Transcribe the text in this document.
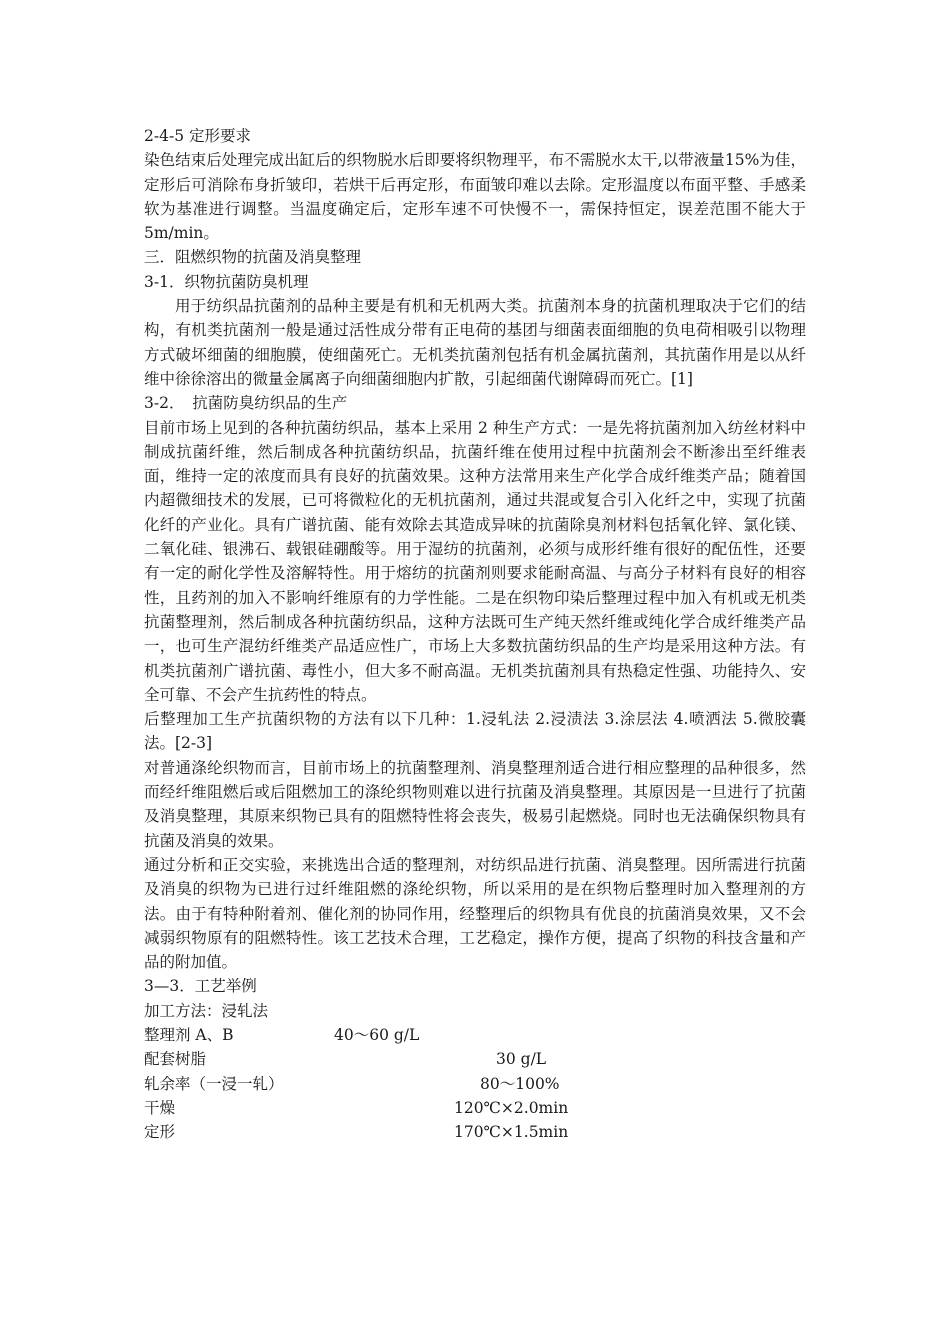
2-4-5 定形要求

染色结束后处理完成出缸后的织物脱水后即要将织物理平，布不需脱水太干,以带液量15%为佳，定形后可消除布身折皱印，若烘干后再定形，布面皱印难以去除。定形温度以布面平整、手感柔软为基准进行调整。当温度确定后，定形车速不可快慢不一，需保持恒定，误差范围不能大于 5m/min。

三．阻燃织物的抗菌及消臭整理

3-1．织物抗菌防臭机理

用于纺织品抗菌剂的品种主要是有机和无机两大类。抗菌剂本身的抗菌机理取决于它们的结构，有机类抗菌剂一般是通过活性成分带有正电荷的基团与细菌表面细胞的负电荷相吸引以物理方式破坏细菌的细胞膜，使细菌死亡。无机类抗菌剂包括有机金属抗菌剂，其抗菌作用是以从纤维中徐徐溶出的微量金属离子向细菌细胞内扩散，引起细菌代谢障碍而死亡。[1]

3-2．　抗菌防臭纺织品的生产

目前市场上见到的各种抗菌纺织品，基本上采用 2 种生产方式：一是先将抗菌剂加入纺丝材料中制成抗菌纤维，然后制成各种抗菌纺织品，抗菌纤维在使用过程中抗菌剂会不断渗出至纤维表面，维持一定的浓度而具有良好的抗菌效果。这种方法常用来生产化学合成纤维类产品；随着国内超微细技术的发展，已可将微粒化的无机抗菌剂，通过共混或复合引入化纤之中，实现了抗菌化纤的产业化。具有广谱抗菌、能有效除去其造成异味的抗菌除臭剂材料包括氧化锌、氯化镁、二氧化硅、银沸石、载银硅硼酸等。用于湿纺的抗菌剂，必须与成形纤维有很好的配伍性，还要有一定的耐化学性及溶解特性。用于熔纺的抗菌剂则要求能耐高温、与高分子材料有良好的相容性，且药剂的加入不影响纤维原有的力学性能。二是在织物印染后整理过程中加入有机或无机类抗菌整理剂，然后制成各种抗菌纺织品，这种方法既可生产纯天然纤维或纯化学合成纤维类产品一，也可生产混纺纤维类产品适应性广，市场上大多数抗菌纺织品的生产均是采用这种方法。有机类抗菌剂广谱抗菌、毒性小，但大多不耐高温。无机类抗菌剂具有热稳定性强、功能持久、安全可靠、不会产生抗药性的特点。

后整理加工生产抗菌织物的方法有以下几种：1.浸轧法 2.浸渍法 3.涂层法 4.喷洒法 5.微胶囊法。[2-3]

对普通涤纶织物而言，目前市场上的抗菌整理剂、消臭整理剂适合进行相应整理的品种很多，然而经纤维阻燃后或后阻燃加工的涤纶织物则难以进行抗菌及消臭整理。其原因是一旦进行了抗菌及消臭整理，其原来织物已具有的阻燃特性将会丧失，极易引起燃烧。同时也无法确保织物具有抗菌及消臭的效果。

通过分析和正交实验，来挑选出合适的整理剂，对纺织品进行抗菌、消臭整理。因所需进行抗菌及消臭的织物为已进行过纤维阻燃的涤纶织物，所以采用的是在织物后整理时加入整理剂的方法。由于有特种附着剂、催化剂的协同作用，经整理后的织物具有优良的抗菌消臭效果，又不会减弱织物原有的阻燃特性。该工艺技术合理，工艺稳定，操作方便，提高了织物的科技含量和产品的附加值。

3—3．工艺举例

加工方法：浸轧法

整理剂 A、B	40～60 g/L
配套树脂	30 g/L
轧余率（一浸一轧）	80～100%
干燥	120℃×2.0min
定形	170℃×1.5min
